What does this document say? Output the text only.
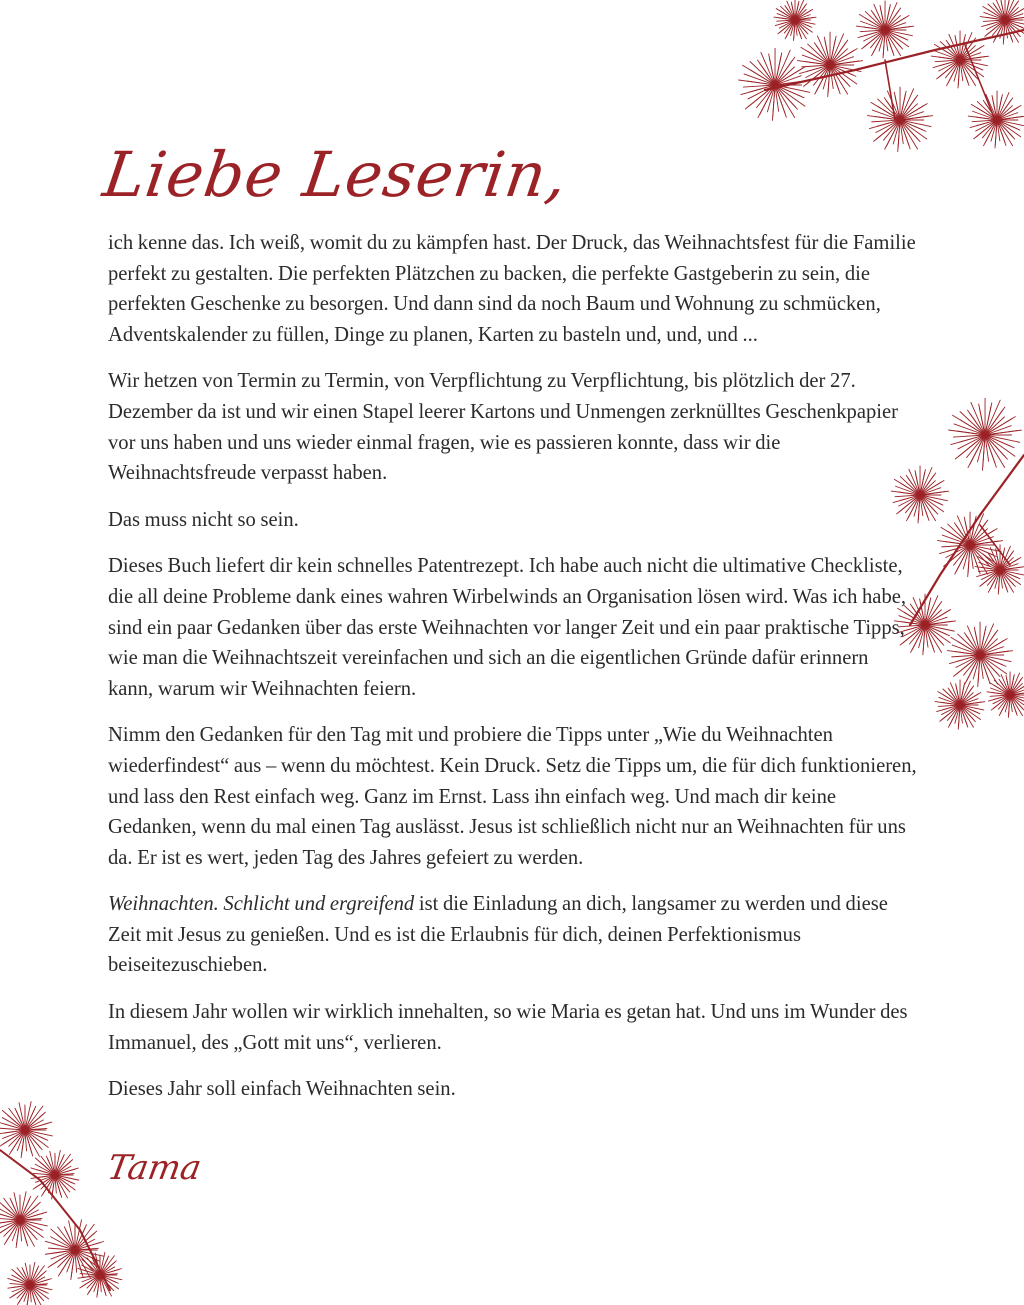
Liebe Leserin,

ich kenne das. Ich weiß, womit du zu kämpfen hast. Der Druck, das Weihnachtsfest für die Familie perfekt zu gestalten. Die perfekten Plätzchen zu backen, die perfekte Gastgeberin zu sein, die perfekten Geschenke zu besorgen. Und dann sind da noch Baum und Wohnung zu schmücken, Adventskalender zu füllen, Dinge zu planen, Karten zu basteln und, und, und ...

Wir hetzen von Termin zu Termin, von Verpflichtung zu Verpflichtung, bis plötzlich der 27. Dezember da ist und wir einen Stapel leerer Kartons und Unmengen zerknülltes Geschenkpapier vor uns haben und uns wieder einmal fragen, wie es passieren konnte, dass wir die Weihnachtsfreude verpasst haben.

Das muss nicht so sein.

Dieses Buch liefert dir kein schnelles Patentrezept. Ich habe auch nicht die ultimative Checkliste, die all deine Probleme dank eines wahren Wirbelwinds an Organisation lösen wird. Was ich habe, sind ein paar Gedanken über das erste Weihnachten vor langer Zeit und ein paar praktische Tipps, wie man die Weihnachtszeit vereinfachen und sich an die eigentlichen Gründe dafür erinnern kann, warum wir Weihnachten feiern.

Nimm den Gedanken für den Tag mit und probiere die Tipps unter „Wie du Weihnachten wiederfindest“ aus – wenn du möchtest. Kein Druck. Setz die Tipps um, die für dich funktionieren, und lass den Rest einfach weg. Ganz im Ernst. Lass ihn einfach weg. Und mach dir keine Gedanken, wenn du mal einen Tag auslässt. Jesus ist schließlich nicht nur an Weihnachten für uns da. Er ist es wert, jeden Tag des Jahres gefeiert zu werden.

Weihnachten. Schlicht und ergreifend ist die Einladung an dich, langsamer zu werden und diese Zeit mit Jesus zu genießen. Und es ist die Erlaubnis für dich, deinen Perfektionismus beiseitezuschieben.

In diesem Jahr wollen wir wirklich innehalten, so wie Maria es getan hat. Und uns im Wunder des Immanuel, des „Gott mit uns“, verlieren.

Dieses Jahr soll einfach Weihnachten sein.

Tama
